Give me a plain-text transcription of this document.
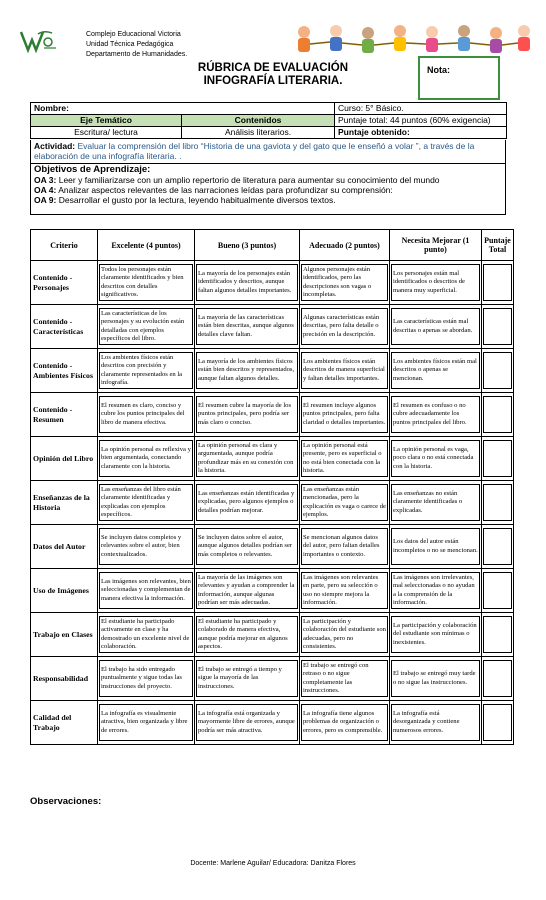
Complejo Educacional Victoria
Unidad Técnica Pedagógica
Departamento de Humanidades.
RÚBRICA DE EVALUACIÓN
INFOGRAFÍA LITERARIA.
Nota:
Nombre:		Curso: 5° Básico.
Eje Temático	Contenidos	Puntaje total: 44 puntos (60% exigencia)
Escritura/ lectura	Análisis literarios.	Puntaje obtenido:
Actividad: Evaluar la comprensión del libro “Historia de una gaviota y del gato que le enseñó a volar ”, a través de la elaboración de una infografía literaria. .
Objetivos de Aprendizaje:
OA 3: Leer y familiarizarse con un amplio repertorio de literatura para aumentar su conocimiento del mundo
OA 4: Analizar aspectos relevantes de las narraciones leídas para profundizar su comprensión:
OA 9: Desarrollar el gusto por la lectura, leyendo habitualmente diversos textos.
Criterio	Excelente (4 puntos)	Bueno (3 puntos)	Adecuado (2 puntos)	Necesita Mejorar (1 punto)	Puntaje Total

Contenido - Personajes	Todos los personajes están claramente identificados y bien descritos con detalles significativos.	La mayoría de los personajes están identificados y descritos, aunque faltan algunos detalles importantes.	Algunos personajes están identificados, pero las descripciones son vagas o incompletas.	Los personajes están mal identificados o descritos de manera muy superficial.	

Contenido - Características	Las características de los personajes y su evolución están detalladas con ejemplos específicos del libro.	La mayoría de las características están bien descritas, aunque algunos detalles clave faltan.	Algunas características están descritas, pero falta detalle o precisión en la descripción.	Las características están mal descritas o apenas se abordan.	

Contenido - Ambientes Físicos	Los ambientes físicos están descritos con precisión y claramente representados en la infografía.	La mayoría de los ambientes físicos están bien descritos y representados, aunque faltan algunos detalles.	Los ambientes físicos están descritos de manera superficial y faltan detalles importantes.	Los ambientes físicos están mal descritos o apenas se mencionan.	

Contenido - Resumen	El resumen es claro, conciso y cubre los puntos principales del libro de manera efectiva.	El resumen cubre la mayoría de los puntos principales, pero podría ser más claro o conciso.	El resumen incluye algunos puntos principales, pero falta claridad o detalles importantes.	El resumen es confuso o no cubre adecuadamente los puntos principales del libro.	

Opinión del Libro	La opinión personal es reflexiva y bien argumentada, conectando claramente con la historia.	La opinión personal es clara y argumentada, aunque podría profundizar más en su conexión con la historia.	La opinión personal está presente, pero es superficial o no está bien conectada con la historia.	La opinión personal es vaga, poco clara o no está conectada con la historia.	

Enseñanzas de la Historia	Las enseñanzas del libro están claramente identificadas y explicadas con ejemplos específicos.	Las enseñanzas están identificadas y explicadas, pero algunos ejemplos o detalles podrían mejorar.	Las enseñanzas están mencionadas, pero la explicación es vaga o carece de ejemplos.	Las enseñanzas no están claramente identificadas o explicadas.	

Datos del Autor	Se incluyen datos completos y relevantes sobre el autor, bien contextualizados.	Se incluyen datos sobre el autor, aunque algunos detalles podrían ser más completos o relevantes.	Se mencionan algunos datos del autor, pero faltan detalles importantes o contexto.	Los datos del autor están incompletos o no se mencionan.	

Uso de Imágenes	Las imágenes son relevantes, bien seleccionadas y complementan de manera efectiva la información.	La mayoría de las imágenes son relevantes y ayudan a comprender la información, aunque algunas podrían ser más adecuadas.	Las imágenes son relevantes en parte, pero su selección o uso no siempre mejora la información.	Las imágenes son irrelevantes, mal seleccionadas o no ayudan a la comprensión de la información.	

Trabajo en Clases	El estudiante ha participado activamente en clase y ha demostrado un excelente nivel de colaboración.	El estudiante ha participado y colaborado de manera efectiva, aunque podría mejorar en algunos aspectos.	La participación y colaboración del estudiante son adecuadas, pero no consistentes.	La participación y colaboración del estudiante son mínimas o inexistentes.	

Responsabilidad	El trabajo ha sido entregado puntualmente y sigue todas las instrucciones del proyecto.	El trabajo se entregó a tiempo y sigue la mayoría de las instrucciones.	El trabajo se entregó con retraso o no sigue completamente las instrucciones.	El trabajo se entregó muy tarde o no sigue las instrucciones.	

Calidad del Trabajo	La infografía es visualmente atractiva, bien organizada y libre de errores.	La infografía está organizada y mayormente libre de errores, aunque podría ser más atractiva.	La infografía tiene algunos problemas de organización o errores, pero es comprensible.	La infografía está desorganizada y contiene numerosos errores.	

Observaciones:
Docente: Marlene Aguilar/ Educadora: Danitza Flores
